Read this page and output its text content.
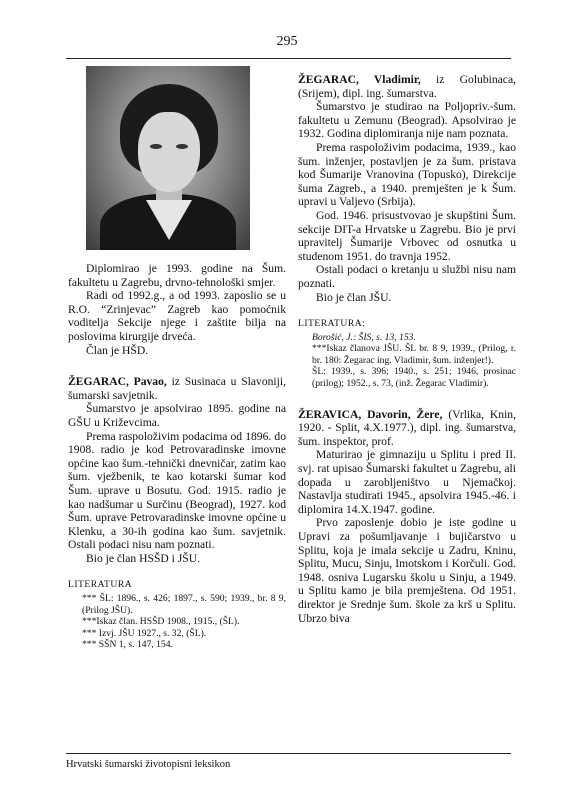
295

Diplomirao je 1993. godine na Šum. fakultetu u Zagrebu, drvno-tehnološki smjer.

Radi od 1992.g., a od 1993. zaposlio se u R.O. “Zrinjevac” Zagreb kao pomoćnik voditelja Sekcije njege i zaštite bilja na poslovima kirurgije drveća.

Član je HŠD.

ŽEGARAC, Pavao, iz Susinaca u Slavoniji, šumarski savjetnik.

Šumarstvo je apsolvirao 1895. godine na GŠU u Križevcima.

Prema raspoloživim podacima od 1896. do 1908. radio je kod Petrovaradinske imovne općine kao šum.-tehnički dnevničar, zatim kao šum. vježbenik, te kao kotarski šumar kod Šum. uprave u Bosutu. God. 1915. radio je kao nadšumar u Surčinu (Beograd), 1927. kod Šum. uprave Petrovaradinske imovne općine u Klenku, a 30-ih godina kao šum. savjetnik. Ostali podaci nisu nam poznati.

Bio je član HSŠD i JŠU.

LITERATURA

*** ŠL: 1896., s. 426; 1897., s. 590; 1939., br. 8 9, (Prilog JŠU).

***Iskaz član. HSŠD 1908., 1915., (ŠL).

*** Izvj. JŠU 1927., s. 32, (ŠL).

*** SŠN 1, s. 147, 154.

ŽEGARAC, Vladimir, iz Golubinaca, (Srijem), dipl. ing. šumarstva.

Šumarstvo je studirao na Poljopriv.-šum. fakultetu u Zemunu (Beograd). Apsolvirao je 1932. Godina diplomiranja nije nam poznata.

Prema raspoloživim podacima, 1939., kao šum. inženjer, postavljen je za šum. pristava kod Šumarije Vranovina (Topusko), Direkcije šuma Zagreb., a 1940. premješten je k Šum. upravi u Valjevo (Srbija).

God. 1946. prisustvovao je skupštini Šum. sekcije DIT-a Hrvatske u Zagrebu. Bio je prvi upravitelj Šumarije Vrbovec od osnutka u studenom 1951. do travnja 1952.

Ostali podaci o kretanju u službi nisu nam poznati.

Bio je član JŠU.

LITERATURA:

Borošić, J.: ŠIS, s. 13, 153.

***Iskaz članova JŠU. ŠL br. 8 9, 1939., (Prilog, r. br. 180: Žegarac ing. Vladimir, šum. inženjer!).

ŠL: 1939., s. 396; 1940., s. 251; 1946, prosinac (prilog); 1952., s. 73, (inž. Žegarac Vladimir).

ŽERAVICA, Davorin, Žere, (Vrlika, Knin, 1920. - Split, 4.X.1977.), dipl. ing. šumarstva, šum. inspektor, prof.

Maturirao je gimnaziju u Splitu i pred II. svj. rat upisao Šumarski fakultet u Zagrebu, ali dopada u zarobljeništvo u Njemačkoj. Nastavlja studirati 1945., apsolvira 1945.-46. i diplomira 14.X.1947. godine.

Prvo zaposlenje dobio je iste godine u Upravi za pošumljavanje i bujičarstvo u Splitu, koja je imala sekcije u Zadru, Kninu, Splitu, Mucu, Sinju, Imotskom i Korčuli. God. 1948. osniva Lugarsku školu u Sinju, a 1949. u Splitu kamo je bila premještena. Od 1951. direktor je Srednje šum. škole za krš u Splitu. Ubrzo biva

Hrvatski šumarski životopisni leksikon
